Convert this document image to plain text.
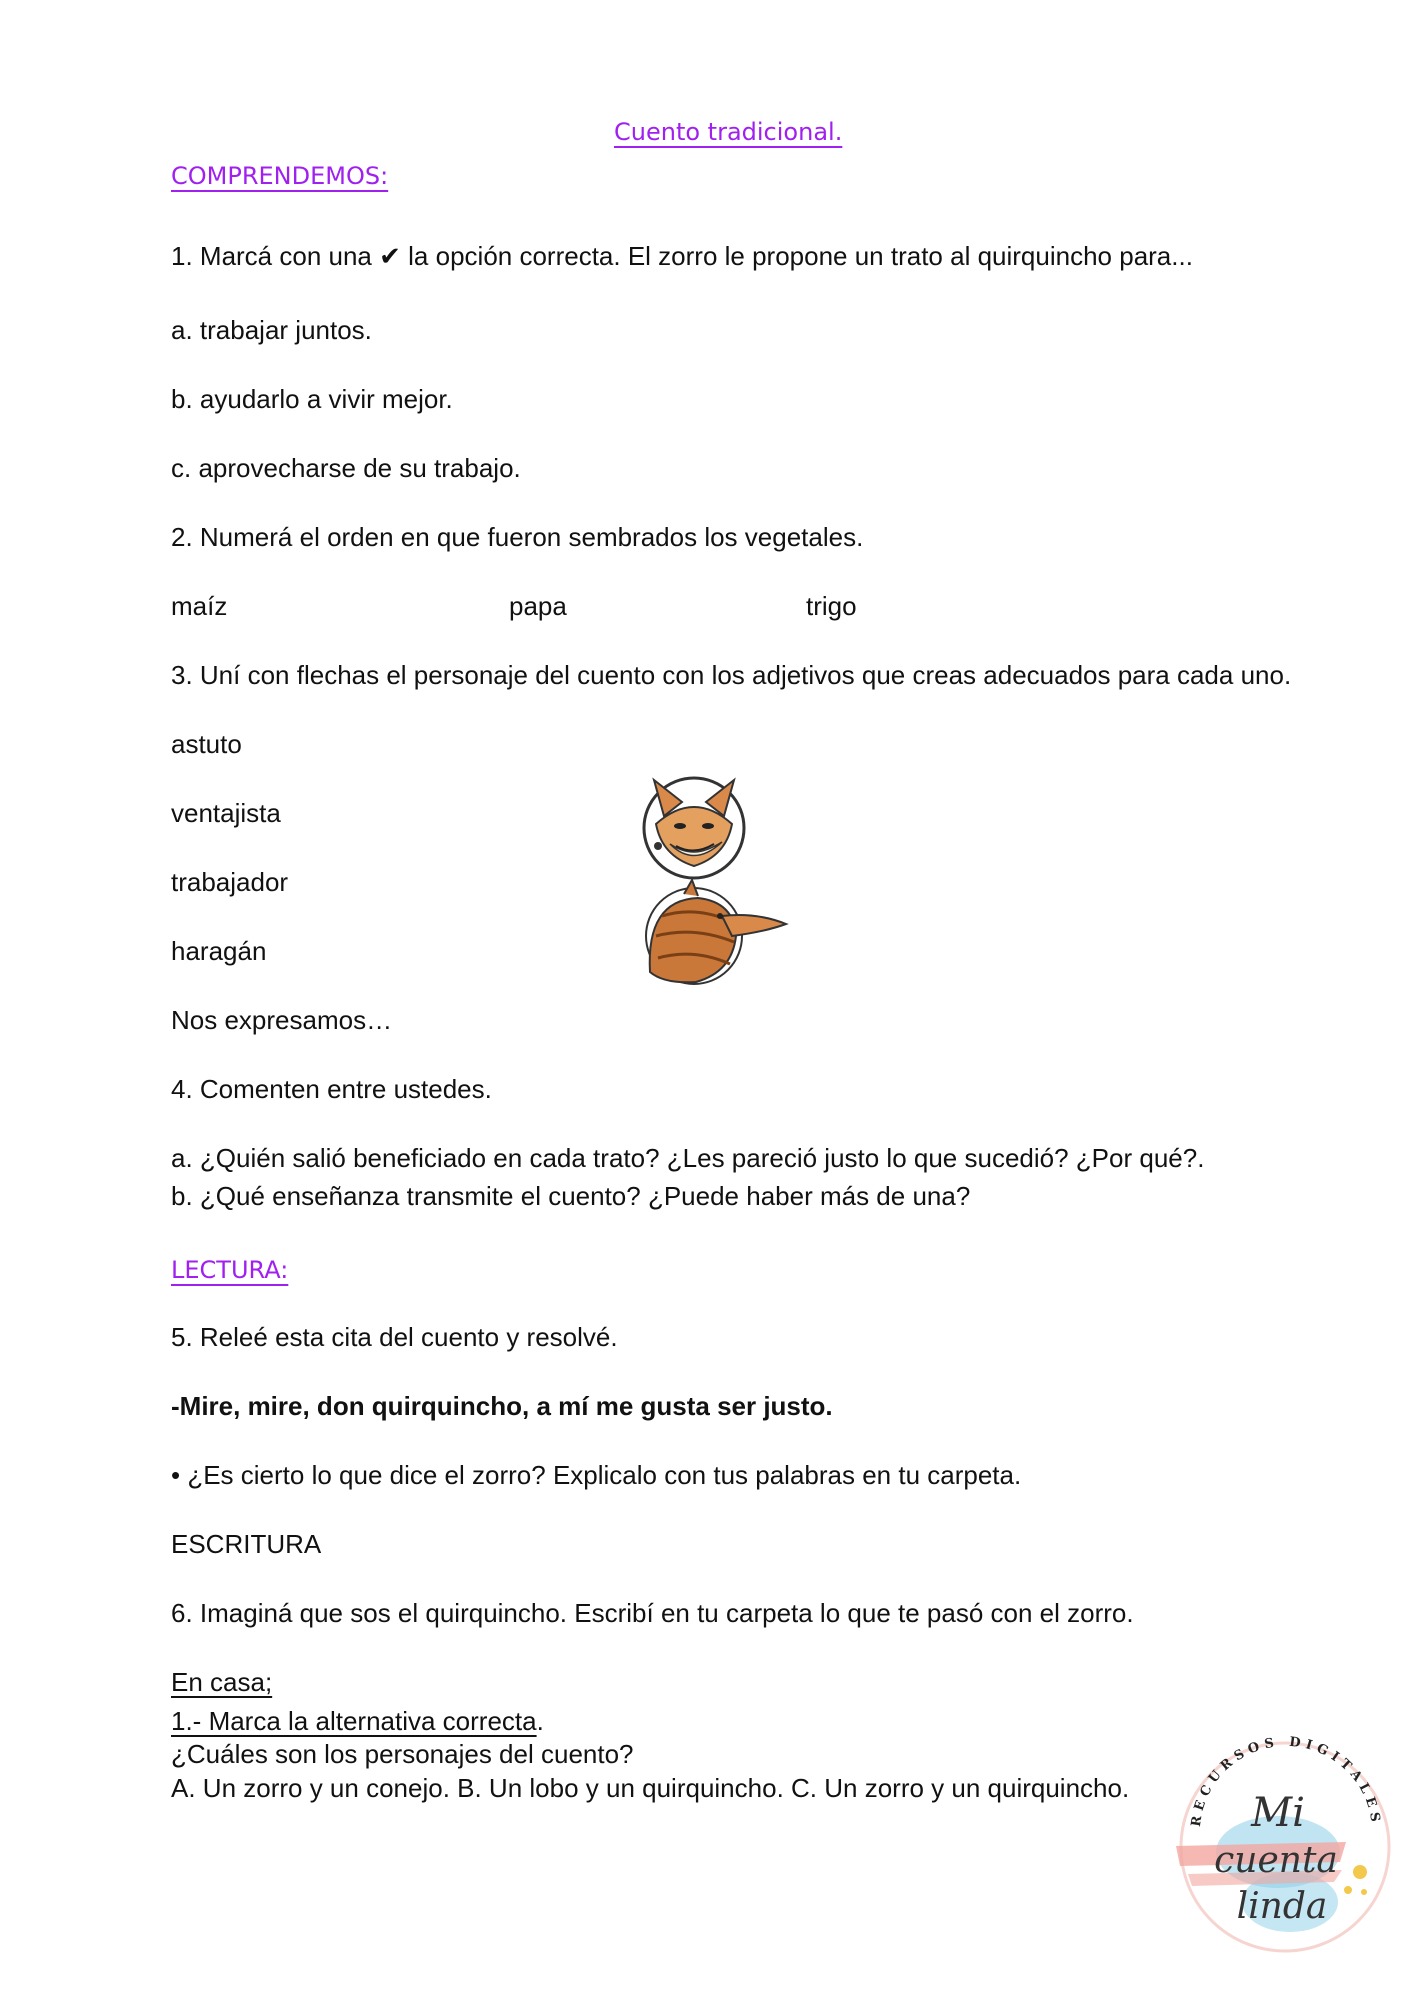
Cuento tradicional.
COMPRENDEMOS:
1. Marcá con una ✔ la opción correcta. El zorro le propone un trato al quirquincho para...
a. trabajar juntos.
b. ayudarlo a vivir mejor.
c. aprovecharse de su trabajo.
2. Numerá el orden en que fueron sembrados los vegetales.
maíz	papa	trigo
3. Uní con flechas el personaje del cuento con los adjetivos que creas adecuados para cada uno.
astuto
ventajista
trabajador
haragán
Nos expresamos…
4. Comenten entre ustedes.
a. ¿Quién salió beneficiado en cada trato? ¿Les pareció justo lo que sucedió? ¿Por qué?.
b. ¿Qué enseñanza transmite el cuento? ¿Puede haber más de una?
LECTURA:
5. Releé esta cita del cuento y resolvé.
-Mire, mire, don quirquincho, a mí me gusta ser justo.
• ¿Es cierto lo que dice el zorro? Explicalo con tus palabras en tu carpeta.
ESCRITURA
6. Imaginá que sos el quirquincho. Escribí en tu carpeta lo que te pasó con el zorro.
En casa;
1.- Marca la alternativa correcta.
¿Cuáles son los personajes del cuento?
A. Un zorro y un conejo. B. Un lobo y un quirquincho. C. Un zorro y un quirquincho.
RECURSOS DIGITALES
Mi
cuenta
linda
